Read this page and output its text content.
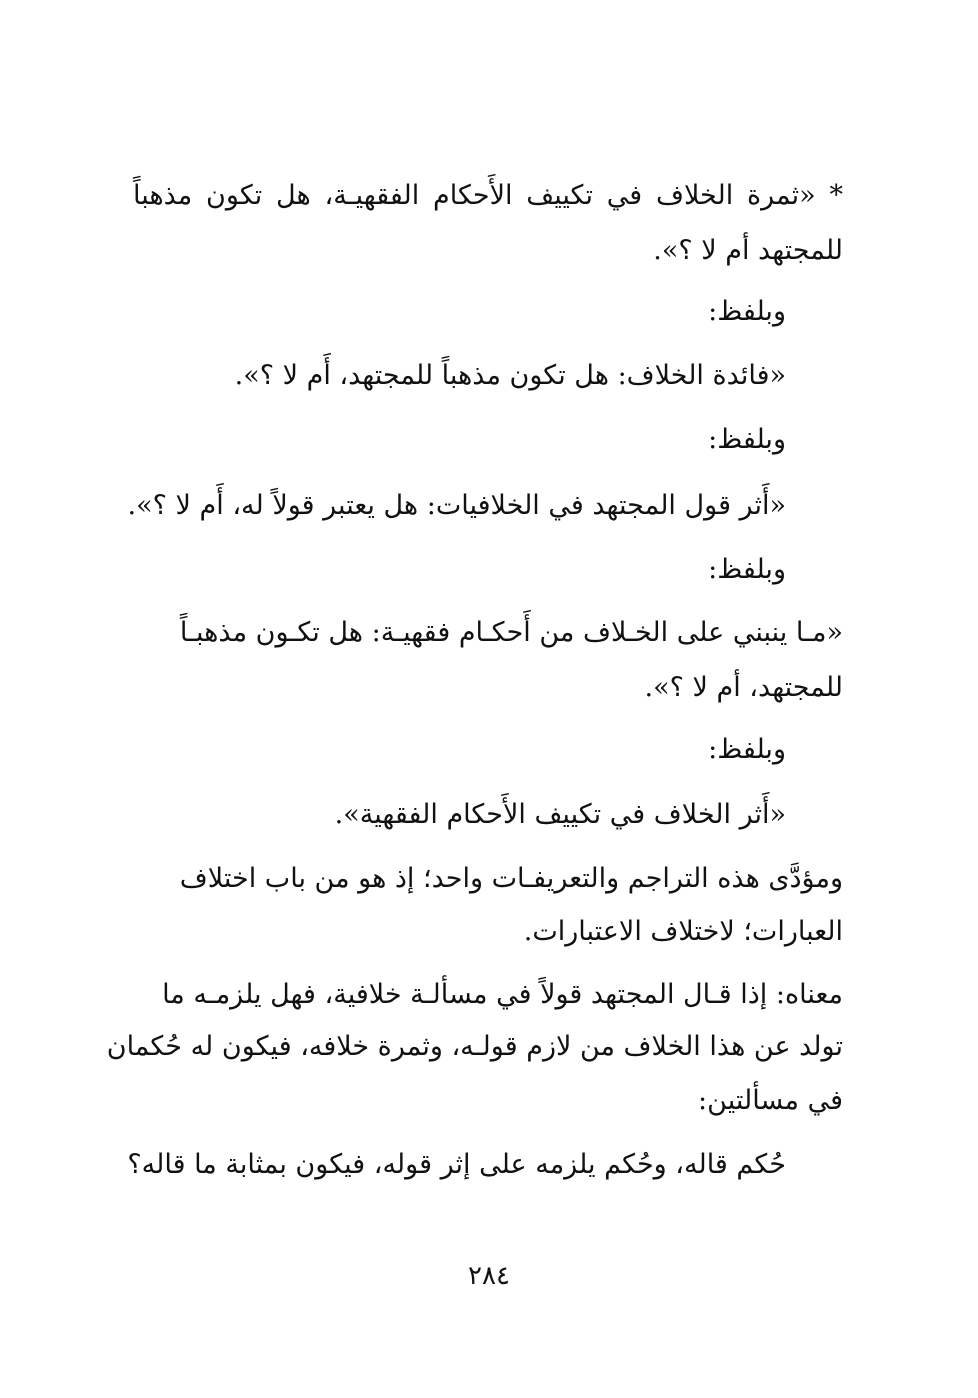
* «ثمرة الخلاف في تكييف الأَحكام الفقهيـة، هل تكون مذهباً
للمجتهد أم لا ؟».
وبلفظ:
«فائدة الخلاف: هل تكون مذهباً للمجتهد، أَم لا ؟».
وبلفظ:
«أَثر قول المجتهد في الخلافيات: هل يعتبر قولاً له، أَم لا ؟».
وبلفظ:
«مـا ينبني على الخـلاف من أَحكـام فقهيـة: هل تكـون مذهبـاً
للمجتهد، أم لا ؟».
وبلفظ:
«أَثر الخلاف في تكييف الأَحكام الفقهية».
ومؤدَّى هذه التراجم والتعريفـات واحد؛ إذ هو من باب اختلاف
العبارات؛ لاختلاف الاعتبارات.
معناه: إذا قـال المجتهد قولاً في مسألـة خلافية، فهل يلزمـه ما
تولد عن هذا الخلاف من لازم قولـه، وثمرة خلافه، فيكون له حُكمان
في مسألتين:
حُكم قاله، وحُكم يلزمه على إثر قوله، فيكون بمثابة ما قاله؟
٢٨٤
